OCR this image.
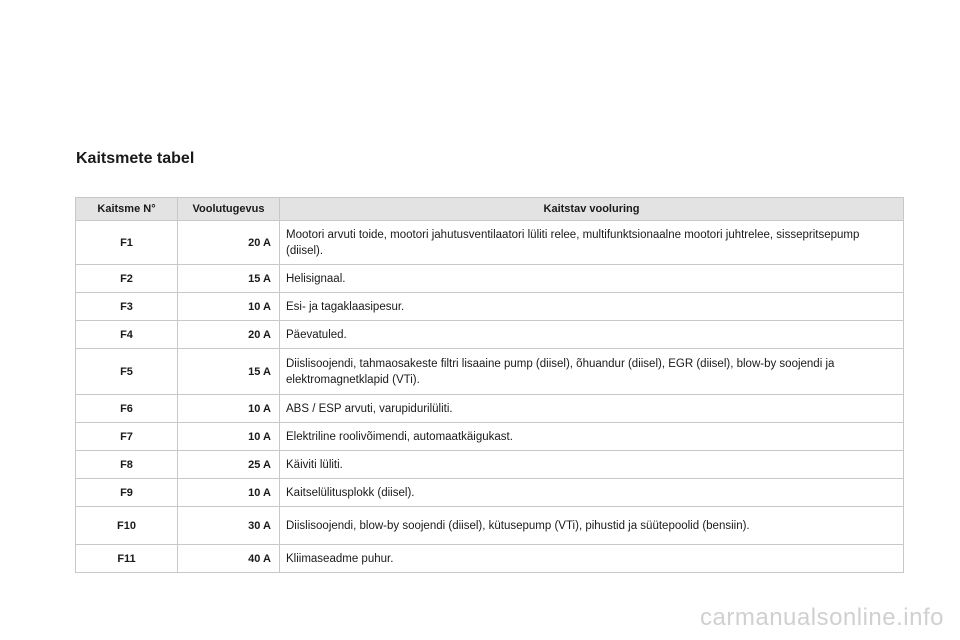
Kaitsmete tabel
Kaitsme N°	Voolutugevus	Kaitstav vooluring
F1	20 A	Mootori arvuti toide, mootori jahutusventilaatori lüliti relee, multifunktsionaalne mootori juhtrelee, sissepritsepump (diisel).
F2	15 A	Helisignaal.
F3	10 A	Esi- ja tagaklaasipesur.
F4	20 A	Päevatuled.
F5	15 A	Diislisoojendi, tahmaosakeste filtri lisaaine pump (diisel), õhuandur (diisel), EGR (diisel), blow-by soojendi ja elektromagnetklapid (VTi).
F6	10 A	ABS / ESP arvuti, varupidurilüliti.
F7	10 A	Elektriline roolivõimendi, automaatkäigukast.
F8	25 A	Käiviti lüliti.
F9	10 A	Kaitselülitusplokk (diisel).
F10	30 A	Diislisoojendi, blow-by soojendi (diisel), kütusepump (VTi), pihustid ja süütepoolid (bensiin).
F11	40 A	Kliimaseadme puhur.
carmanualsonline.info
